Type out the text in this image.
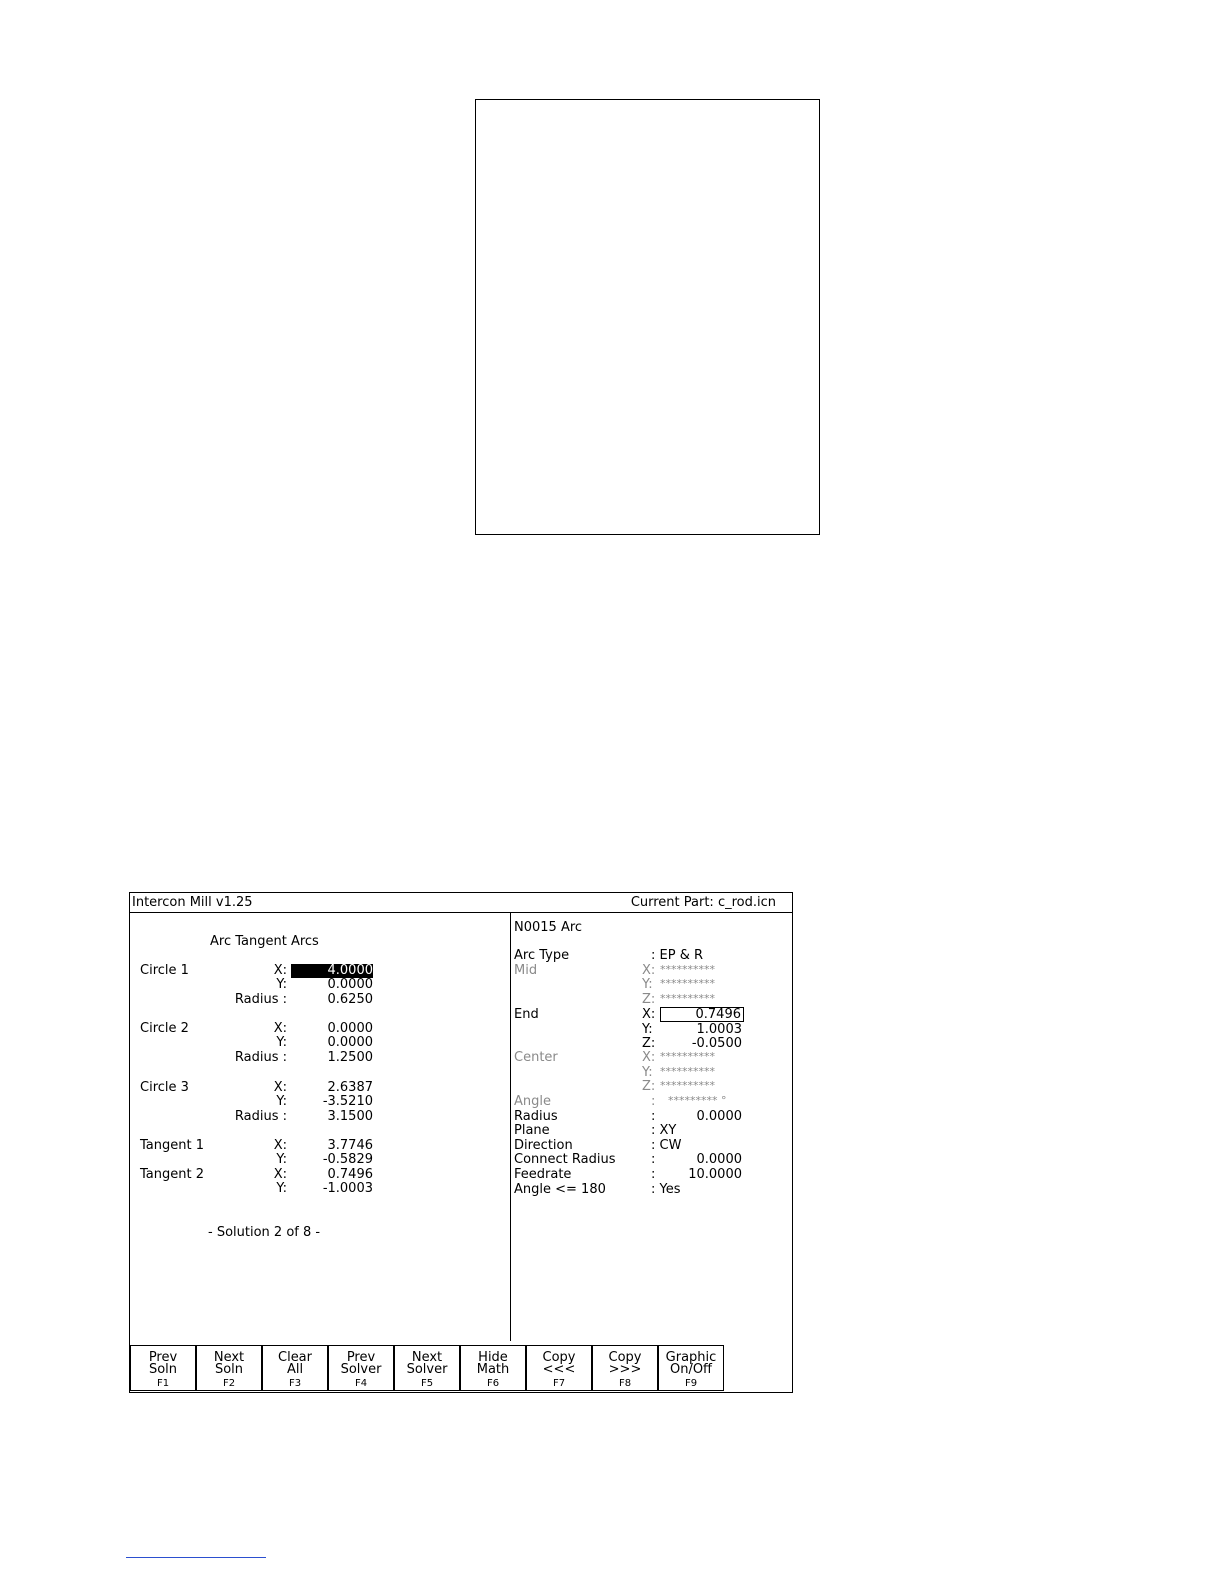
Intercon Mill v1.25	Current Part: c_rod.icn
Arc Tangent Arcs
Circle 1	X:	4.0000
Y:	0.0000
Radius :	0.6250
Circle 2	X:	0.0000
Y:	0.0000
Radius :	1.2500
Circle 3	X:	2.6387
Y:	-3.5210
Radius :	3.1500
Tangent 1	X:	3.7746
Y:	-0.5829
Tangent 2	X:	0.7496
Y:	-1.0003
- Solution 2 of 8 -
N0015 Arc
Arc Type	: EP & R
Mid	X: **********
Y: **********
Z: **********
End	X:	0.7496
Y:	1.0003
Z:	-0.0500
Center	X: **********
Y: **********
Z: **********
Angle	: ********* °
Radius	:	0.0000
Plane	: XY
Direction	: CW
Connect Radius	:	0.0000
Feedrate	:	10.0000
Angle <= 180	: Yes
Prev
Soln
F1
Next
Soln
F2
Clear
All
F3
Prev
Solver
F4
Next
Solver
F5
Hide
Math
F6
Copy
<<<
F7
Copy
>>>
F8
Graphic
On/Off
F9
